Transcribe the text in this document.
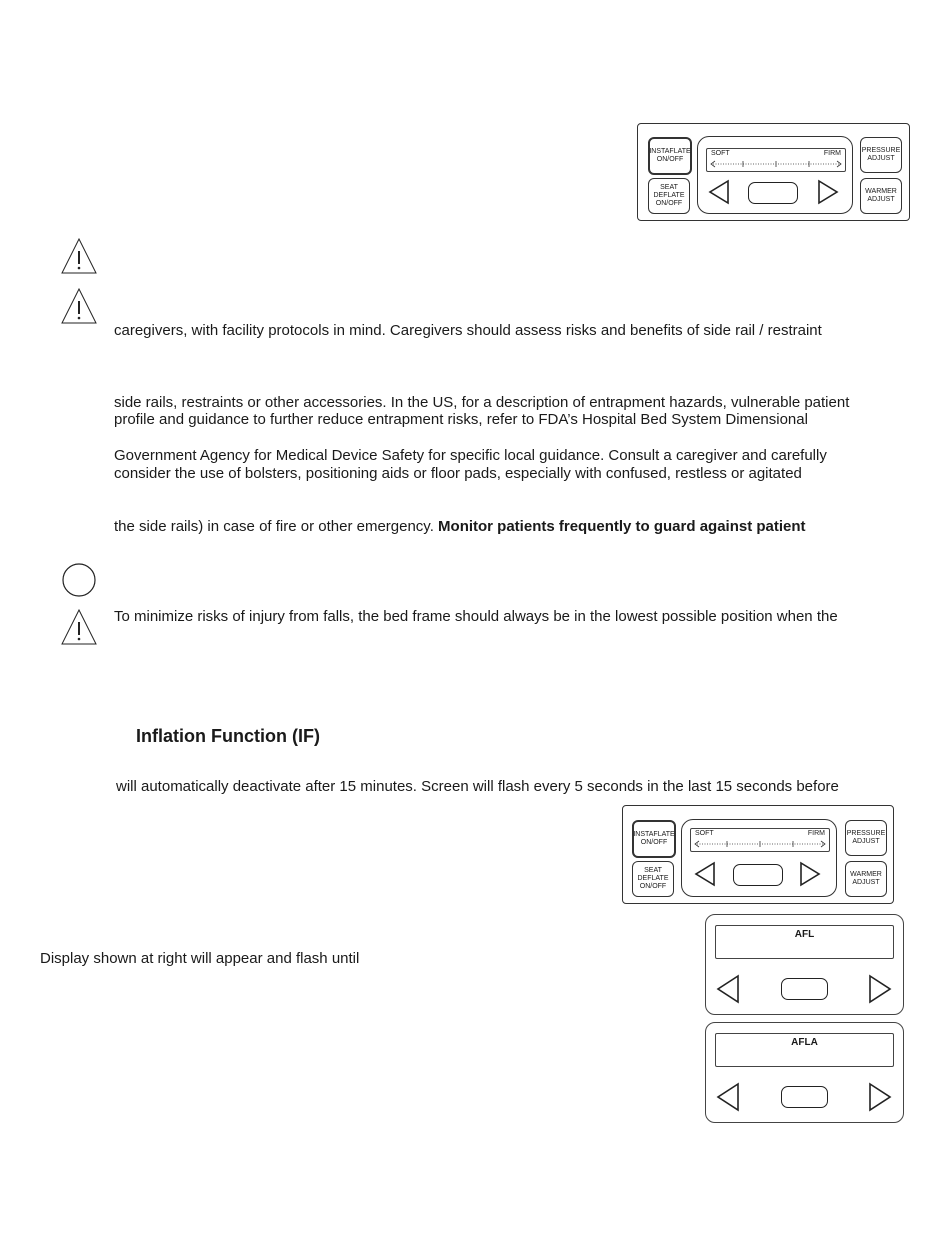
INSTAFLATE
ON/OFF
SEAT
DEFLATE
ON/OFF
SOFT	FIRM	PRESSURE
ADJUST
WARMER
ADJUST
caregivers, with facility protocols in mind. Caregivers should assess risks and benefits of side rail / restraint
side rails, restraints or other accessories. In the US, for a description of entrapment hazards, vulnerable patient
profile and guidance to further reduce entrapment risks, refer to FDA’s Hospital Bed System Dimensional
Government Agency for Medical Device Safety for specific local guidance. Consult a caregiver and carefully
consider the use of bolsters, positioning aids or floor pads, especially with confused, restless or agitated
the side rails) in case of fire or other emergency. Monitor patients frequently to guard against patient
To minimize risks of injury from falls, the bed frame should always be in the lowest possible position when the
Inflation Function (IF)
will automatically deactivate after 15 minutes. Screen will flash every 5 seconds in the last 15 seconds before
INSTAFLATE
ON/OFF
SEAT
DEFLATE
ON/OFF
SOFT	FIRM	PRESSURE
ADJUST
WARMER
ADJUST
Display shown at right will appear and flash until
AFL
AFLA
